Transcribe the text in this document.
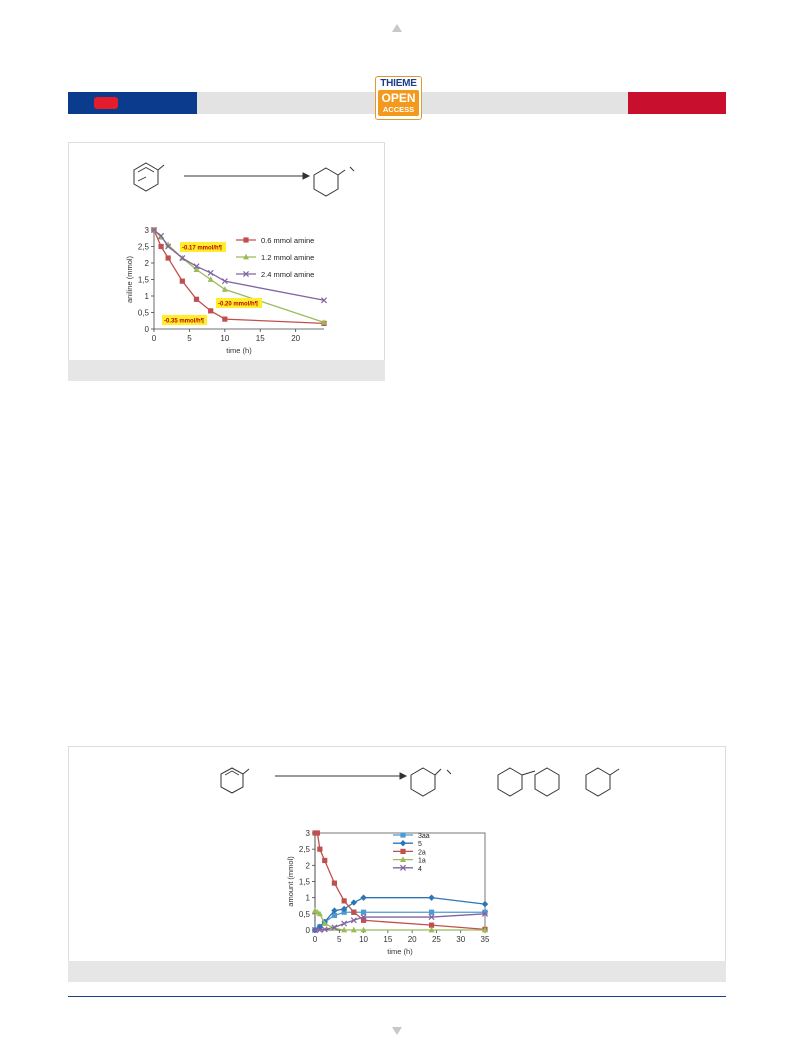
THIEME
OPEN
ACCESS
0
0,5
1
1,5
2
2,5
3
0	5	10	15	20
time (h)
aniline (mmol)
0.6 mmol amine
1.2 mmol amine
2.4 mmol amine
-0.17 mmol/h¶
-0.20 mmol/h¶
-0.35 mmol/h¶
0
0,5
1
1,5
2
2,5
3
0 5 10 15 20 25 30 35
time (h)
amount (mmol)
3aa
5
2a
1a
4
